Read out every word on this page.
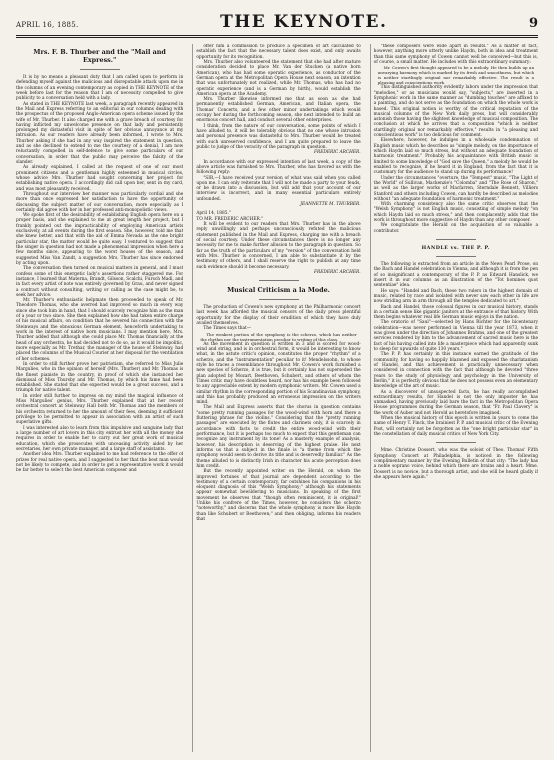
APRIL 16, 1885.	THE KEYNOTE.	9
Mrs. F. B. Thurber and the "Mail and Express."

It is by no means a pleasant duty that I am called upon to perform in defending myself against the malicious and disreputable attack upon me in the columns of an evening contemporary as copied in THE KEYNOTE of the week before last for the reason that I am of necessity compelled to give publicity to a conversation held with a lady.

As stated in THE KEYNOTE last week, a paragraph recently appeared in the Mail and Express referring to an editorial in our columns dealing with the prospectus of the proposed Anglo-American opera scheme issued by the wife of Mr. Thurber. It also charged me with a grave breach of courtesy for having inflicted my unwelcome presence on that lady and persistently prolonged my distasteful visit in spite of her obvious annoyance at my intrusion. As our readers have already been informed, I wrote to Mrs. Thurber asking if she had in any way inspired the statement in question, and as she declined to extend to me the courtesy of a denial, I am now reluctantly compelled in self-defence to give some particulars of our conversation, in order that the public may perceive the falsity of the slander.

As already explained, I called at the request of one of our most prominent citizens and a gentleman highly esteemed in musical circles, whose advice Mrs. Thurber had sought concerning her project for establishing native opera. I accordingly did call upon her, sent in my card, and was most pleasantly received.

Throughout our interview her manner was particularly cordial and she more than once expressed her satisfaction to have the opportunity of discussing the subject matter of our conversation, more especially as I certainly did agree with her in her professed anti-monopolistic views.

We spoke first of the desirability of establishing English opera here on a proper basis, and she explained to me at great length her project, but I frankly pointed out the impracticability of employing American artists exclusively, at all events during the first season. She, however, told me that she knew better, and that with the aid of Emma Nevada as the one bright particular star, the matter would be quite easy. I ventured to suggest that the singer in question had not made a phenomenal impression when here a few months since, appearing to the worst houses of the season, and suggested Miss Van Zandt, a suggestion Mrs. Thurber has since endorsed by acting upon.

The conversation then turned on musical matters in general, and I must confess some of this energetic lady's assertions rather staggered me. For instance, I learned that Materna, Brandt, Gilsson, Scalchi, Fursch Madi, and in fact every artist of note was entirely governed by Grau, and never signed a contract without consulting, writing or calling as the case might be, to seek her advice.

Mr. Thurber's enthusiastic helpmate then proceeded to speak of Mr. Theodore Thomas, who she averred had improved so much in every way since she took him in hand, that I should scarcely recognize him as the man of a year or two since. She then explained how she had taken entire charge of his musical affairs, on condition that he severed his connection with the Steinways and the obnoxious German element, henceforth undertaking to work in the interest of native born musicians. I may mention here, Mrs. Thurber added that although she could place Mr. Thomas financially at the head of any orchestra, he had decided not to do so, as it would be impolitic, more especially as Mr. Trethar, the manager of the house of Steinway, had placed the columns of the Musical Courier at her disposal for the ventilation of her schemes.

In order to still further prove her patriotism, she referred to Miss Julie Margulies, who in the opinion of herself (Mrs. Thurber) and Mr. Thomas is the finest pianiste in the country, in proof of which she instanced her dismissal of Miss Thursby and Mr. Thomas, by which his fame had been established. She stated that she expected would be a great success, and a triumph for native talent.

In order still further to impress on my mind the magical influence of Miss Margulies' genius, Mrs. Thurber explained that at her recent orchestral concert at Steinway Hall both Mr. Thomas and the members of his orchestra returned to her the amount of their fees, deeming it sufficient privilege to be permitted to appear in association with an artist of such superlative gifts.

I was interested also to learn from this impulsive and sanguine lady that a large number of art lovers in this city entrust her with all the money she requires in order to enable her to carry out her great work of musical education, which she prosecutes with unceasing activity aided by her secretaries, her own private manager, and a large staff of assistants.

Another idea Mrs. Thurber explained to me had reference to the offer of prizes for real native opera, and I suggested to her that the best man would not be likely to compete, and in order to get a representative work it would be far better to select the best American composer and

offer him a commission to produce a specimen of art calculated to establish the fact that the necessary talent does exist, and only awaits opportunity for its recognition.

Mrs. Thurber also volunteered the statement that she had after mature consideration decided to place Mr. Van der Stucken (a native born American), who has had some operatic experience, as conductor of the German opera at the Metropolitan Opera House next season, an intention that was unfortunately not realized, while Mr. Thomas, who has had no operatic experience (and is a German by birth), would establish the American opera at the Academy.

Mrs. Thurber likewise informed me that as soon as she had permanently established German, American, and Italian opera, the Thomas' Concerts, and a few other minor undertakings which would occupy her during the forthcoming season, she next intended to build an enormous concert hall, and conduct several other enterprises.

I think, from the nature of our conversation, some points of which I have alluded to, it will be tolerably obvious that no one whose intrusion and personal presence was distasteful to Mrs. Thurber would be treated with such unreserved confidence, and I am quite prepared to leave the public to judge of the veracity of the paragraph in question.

FREDERIC ARCHER.

In accordance with our expressed intention of last week, a copy of the above article was furnished to Mrs. Thurber, who has favored us with the following reply:

"SIR,—I have received your version of what was said when you called upon me. I can only reiterate that I will not be made a party to your feuds, or be drawn into a discussion, but will add that your account of our interview is incorrect, and in many essential particulars entirely unfounded.

JEANNETTE M. THURBER.

April 14, 1885."

TO MR. FREDERIC ARCHER."

It will be evident to our readers that Mrs. Thurber has in the above reply unwillingly and perhaps unconsciously refuted the malicious statement published in the Mail and Express, charging me with a breach of social courtesy. Under these circumstances there is no longer any necessity for me to make further allusion to the paragraph in question. So far as the truth of the particulars of my "version" of the conversation held with Mrs. Thurber is concerned, I am able to substantiate it by the testimony of others, and I shall reserve the right to publish at any time such evidence should it become necessary.

FREDERIC ARCHER.

Musical Criticism a la Mode.

The production of Cowen's new symphony at the Philharmonic concert last week has afforded the musical censors of the daily press plentiful opportunity for the display of their erudition of which they have duly availed themselves.

The Times says that—

The weakest portion of the symphony is the scherzo, which has neither the rhythm nor the instrumentation peculiar to writing of this class.

As the movement in question is written in 3 and is scored for wood-wind and string, and is in orchestral form, it would be interesting to know what, in the astute critic's opinion, constitutes the proper "rhythm" of a scherzo, and the "instrumentation" peculiar to it! Mendelssohn, to whose style he traces a resemblance throughout Mr. Cowen's work furnished a new species of Scherzo, it is true, but it certainly has not superseded the plan adopted by Mozart, Beethoven, Schubert, and others of whom the Times critic may have doubtless heard, nor has his example been followed to any appreciable extent by modern symphonic writers. Mr. Cowen used a similar rhythm in the corresponding portion of his Scandinavian symphony, and this has probably produced an erroneous impression on the writers mind.

The Mail and Express asserts that the chorus in question contains "some pretty running passages for the wood-wind with horn and there a fluttering phrase for the violins." Considering that the "pretty running passages" are executed by the flutes and clarinets only, it is scarcely in accordance with facts to credit the entire wood-wind with their performance, but it is perhaps too much to expect that this gentleman can recognize any instrument by its tone! As a masterly example of analysis, however, his description is deserving of the highest praise. He next informs us that a subject in the finale is "a theme from which the symphony would seem to derive its title and is deservedly familiar." As the theme alluded to is distinctly Irish in character his acute perception does him credit.

But the recently appointed writer on the Herald, on whom the improved fortunes of that journal are dependent according to the testimony of a certain contemporary, far outshines his companions in his eloquent diagnosis of this "Welsh Symphony;" although his statements appear somewhat bewildering to musicians. In speaking of the first movement he observes that "though often reminiscent, it is original!" Unlike his confrere of the Times, however, he considers the scherzo "noteworthy," and discerns that the whole symphony is more like Haydn than like Schubert or Beethoven;" and then obliging, informs his readers that

"these composers were wide apart in results." As a matter of fact, however, anything more utterly unlike Haydn, both in idea and treatment than this same symphony of Cowen cannot well be conceived—but this is, of course, a small matter. He includes with this extraordinary summary:

Mr. Cowen's first thought appeared to be a melody. He then builds up an unvarying harmony which is marked by its fresh and smoothness, but which is neither startlingly original nor remarkably effective. The result is a pleasing and conscientious work.

This distinguished authority evidently labors under the impression that "melodies," or as musicians would say, "subjects," are inserted in a Symphonic work in the same manner as "dumbing touches" are affixed to a painting, and do not serve as the foundation on which the whole work is based. This original notion is worthy of the critical reputation of the musical columns of the New York daily press, but will considerably astonish those having the slightest knowledge of musical composition. The conclusion at which he arrives that a composition "which is neither startlingly original nor remarkably effective," results in "a pleasing and conscientious work" is too delicious for comment.

Elsewhere, however, he indulges in a wholesale condemnation of English music which he describes as "simple melody, on the importance of which Haydn laid so much stress, but without an adequate foundation of harmonic treatment." Probably his acquaintance with British music is limited to some knowledge of "God save the Queen," a melody he would be enabled to recognize, if he heard it in England, from the fact that it is customary for the audience to stand up during its performance!

Under the circumstances "overture, the "Tempest" music, "The Light of the World" of Sullivan, Mackenzie's "Colomba" and "The Rose of Sharon," as well as the larger works of Macfarren, Sterndale Bennett, Villiers Stanford and others including Cowen, can hardly be described as melodies without "an adequate foundation of harmonic treatment."

With charming consistency also the same critic observes that the "Welsh Symphony" is not English music, consisting of simple melody "on which Haydn laid so much stress," and then complacently adds that the work is throughout more suggestive of Haydn than any other composer.

We congratulate the Herald on the acquisition of so valuable a contributor.

HANDLE vs. THE P. P.

The following is extracted from an article in the News Pearl Prose, on the Bach and Handel celebration in Vienna, and although it is from the pen of so insignificant a contemporary of the P. P. as Edward Hanslick, we insert it in our columns as an illustration of the "Tot homines quot sententiae" idea.

He says: "Handel and Bach, these two rulers in the highest domain of music, related by race and isolated with never saw each other in life are now striding arm in arm through all the temples dedicated to art."

Bach and Handel, those colossal figures in our musical history, stands in a certain sense like gigantic janitors at the entrance of that history. With them begins whatever real life German music enjoys in the nation.

The oratorio of "Saul"—selected by Hans Richter for the bicentenary celebration—was never performed in Vienna till the year 1873, when it was given under the direction of Johannes Brahms, and one of the greatest services rendered by him to the advancement of sacred music here is the fact of his having called into life a masterpiece which had apparently sunk to sleep for upwards of quite 130 years."

The P. P. has certainly in this instance earned the gratitude of the community, for having so happily blazoned and exposed the charlatanism of Handel, and this achievement is practically unnecessary when considered in connection with the fact that although he devoted "three years to the study of physiology and psychology in the University of Berlin," it is perfectly obvious that he does not possess even an elementary knowledge of the art of music.

As a discoverer of unsuspected facts, he has really accomplished extraordinary results, for Handel is not the only imposter he has unmasked, having previously laid bare the fact in the Metropolitan Opera House programmes during the German season, that "Fr. Paul Clavery" is the work of Auber and not Herold as heretofore imagined.

When the musical history of this epoch is written in years to come the name of Henry T. Finck, the brainiest P. P. and musical critic of the Evening Post, will certainly not be forgotten as the "one bright particular star" in the constellation of daily musical critics of New York City.

Mme. Christine Dossert, who was the soloist of Theo. Thomas' Fifth Symphony Concert at Philadelphia, is noticed in the following complimentary manner by the Evening Bulletin of that city: "The lady has a noble soprano voice, behind which there are brains and a heart. Mme. Dossert is no novice, but a thorough artist, and she will be heard gladly if she appears here again."
